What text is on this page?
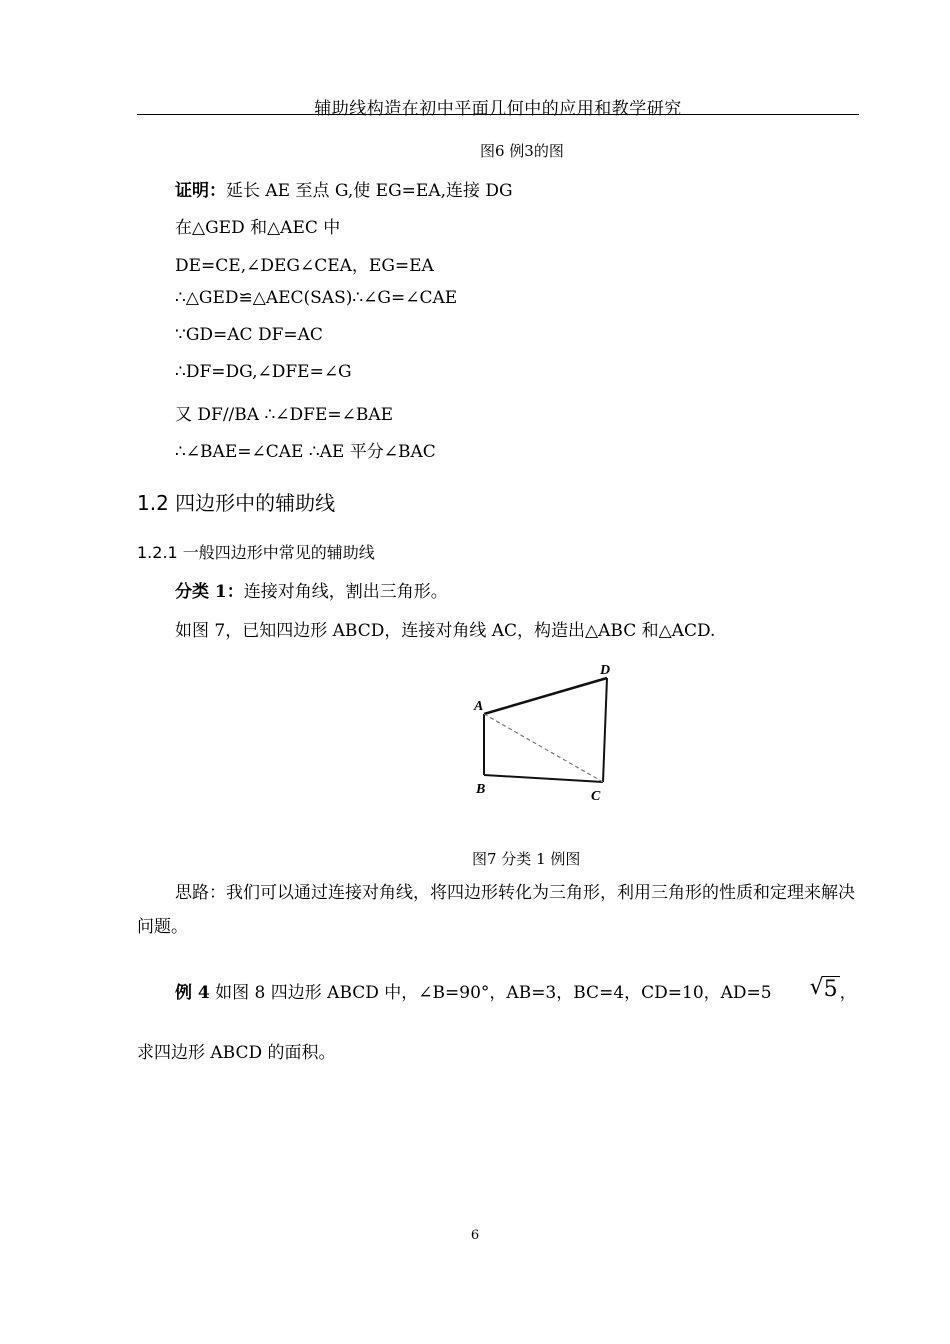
辅助线构造在初中平面几何中的应用和教学研究
图6 例3的图
证明：延长 AE 至点 G,使 EG=EA,连接 DG
在△GED 和△AEC 中
DE=CE,∠DEG∠CEA，EG=EA
∴△GED≌△AEC(SAS)∴∠G=∠CAE
∵GD=AC DF=AC
∴DF=DG,∠DFE=∠G
又 DF//BA ∴∠DFE=∠BAE
∴∠BAE=∠CAE ∴AE 平分∠BAC
1.2 四边形中的辅助线
1.2.1 一般四边形中常见的辅助线
分类 1：连接对角线，割出三角形。
如图 7，已知四边形 ABCD，连接对角线 AC，构造出△ABC 和△ACD.
A
B	C
D
图7 分类 1 例图
思路：我们可以通过连接对角线，将四边形转化为三角形，利用三角形的性质和定理来解决问题。
例 4 如图 8 四边形 ABCD 中，∠B=90°，AB=3，BC=4，CD=10，AD=5	√ 5 ，求四边形 ABCD 的面积。
6
